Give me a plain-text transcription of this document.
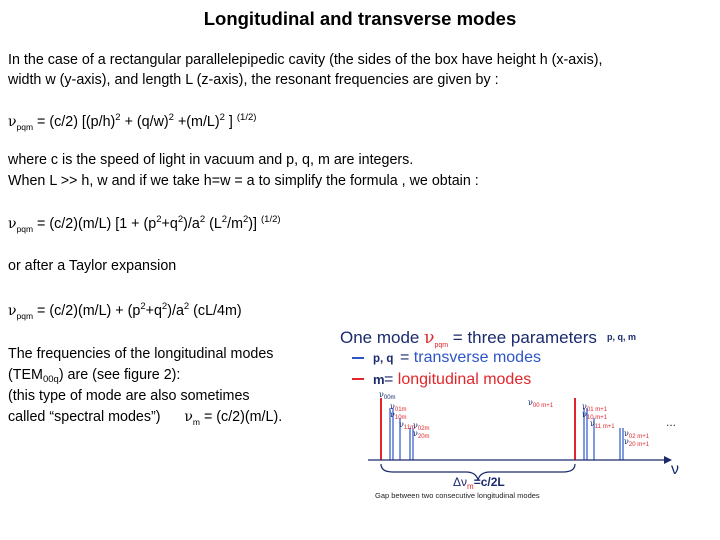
Longitudinal and transverse modes
In the case of a rectangular parallelepipedic cavity (the sides of the box have height h (x-axis),
width w (y-axis), and length L (z-axis), the resonant frequencies are given by :
$\nu_{pqm} = (c/2) [(p/h)^2 + (q/w)^2 +(m/L)^2$ ] $^{(1/2)}$
where c is the speed of light in vacuum and p, q, m are integers.
When L >> h, w and if we take h=w = a to simplify the formula , we obtain :
$\nu_{pqm} = (c/2)(m/L) [1 + (p^2+q^2)/a^2$ $(L^2/m^2)$] $^{(1/2)}$
or after a Taylor expansion
$\nu_{pqm} = (c/2)(m/L) + (p^2+q^2)/a^2$ (cL/4m)
The frequencies of the longitudinal modes
$(TEM_{00q})$ are (see figure 2):
(this type of mode are also sometimes
called “spectral modes”)      $\nu_m = (c/2)(m/L)$.
One mode $\nu_{pqm}$ = three parameters p, q, m
p, q = transverse modes
m = longitudinal modes
$\nu_{00m}$
$\nu_{01m}$
$\nu_{10m}$
$\nu_{11m}$
$\nu_{02m}$
$\nu_{20m}$
$\nu_{00 m+1}$	$\nu_{01 m+1}$
$\nu_{10 m+1}$
$\nu_{11 m+1}$
$\nu_{02 m+1}$
$\nu_{20 m+1}$
...
ν
$\Delta\nu_m=c/2L$
Gap between two consecutive longitudinal modes
